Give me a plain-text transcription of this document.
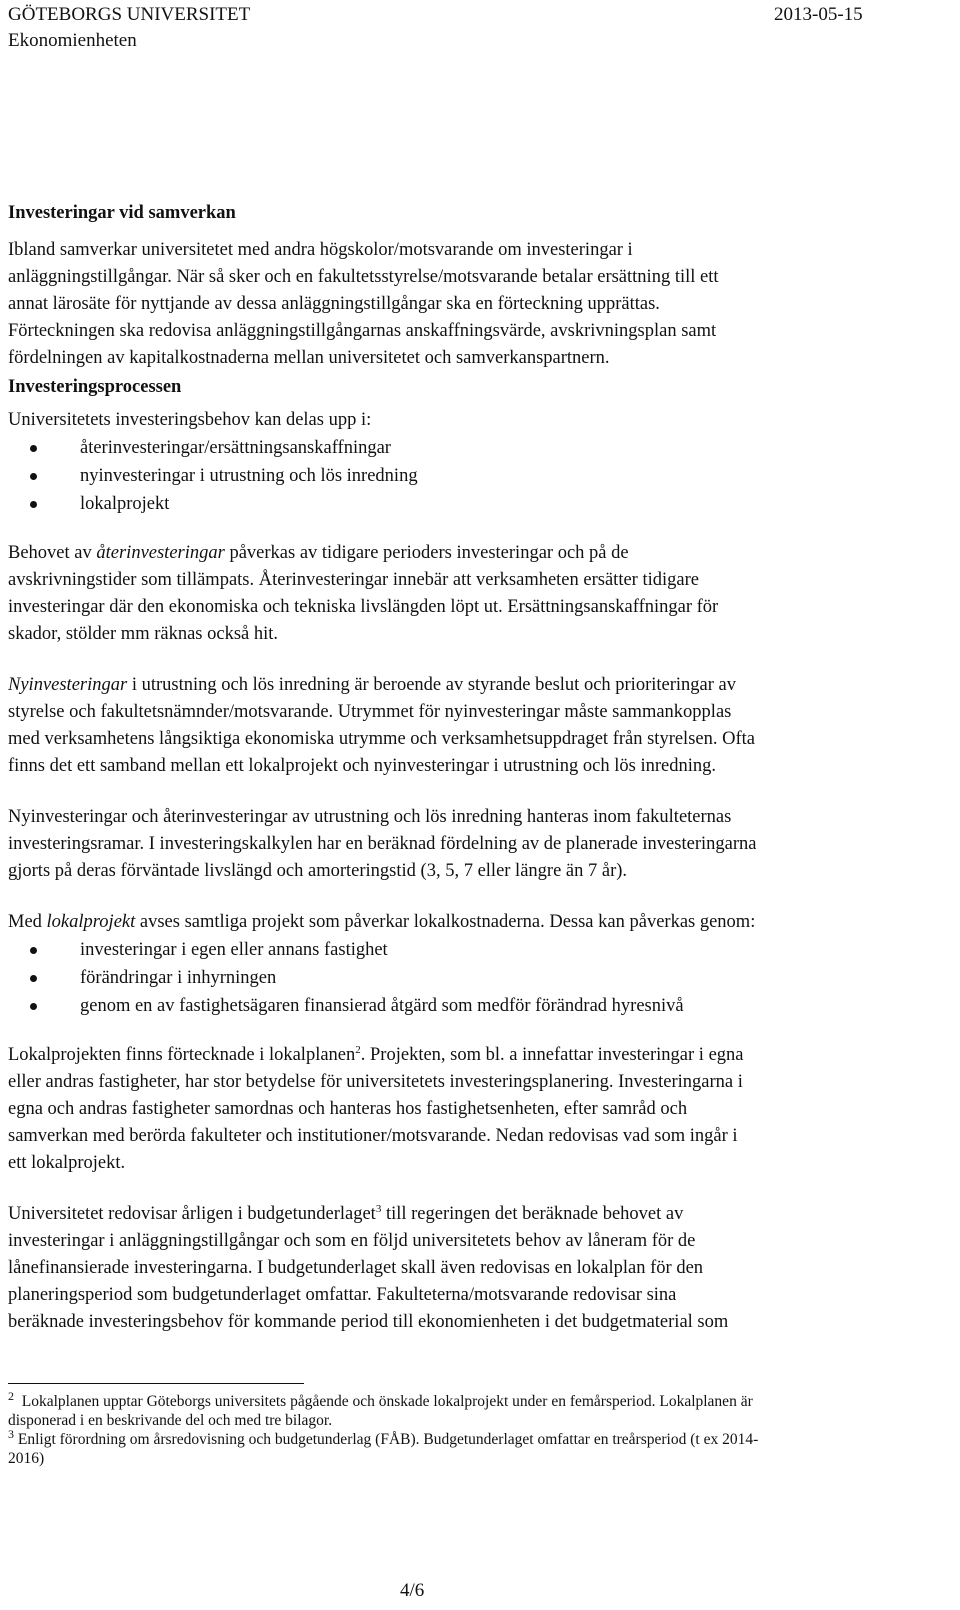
GÖTEBORGS UNIVERSITET
Ekonomienheten
2013-05-15
Investeringar vid samverkan
Ibland samverkar universitetet med andra högskolor/motsvarande om investeringar i
anläggningstillgångar. När så sker och en fakultetsstyrelse/motsvarande betalar ersättning till ett
annat lärosäte för nyttjande av dessa anläggningstillgångar ska en förteckning upprättas.
Förteckningen ska redovisa anläggningstillgångarnas anskaffningsvärde, avskrivningsplan samt
fördelningen av kapitalkostnaderna mellan universitetet och samverkanspartnern.
Investeringsprocessen
Universitetets investeringsbehov kan delas upp i:
återinvesteringar/ersättningsanskaffningar
nyinvesteringar i utrustning och lös inredning
lokalprojekt
Behovet av återinvesteringar påverkas av tidigare perioders investeringar och på de
avskrivningstider som tillämpats. Återinvesteringar innebär att verksamheten ersätter tidigare
investeringar där den ekonomiska och tekniska livslängden löpt ut. Ersättningsanskaffningar för
skador, stölder mm räknas också hit.
Nyinvesteringar i utrustning och lös inredning är beroende av styrande beslut och prioriteringar av
styrelse och fakultetsnämnder/motsvarande. Utrymmet för nyinvesteringar måste sammankopplas
med verksamhetens långsiktiga ekonomiska utrymme och verksamhetsuppdraget från styrelsen. Ofta
finns det ett samband mellan ett lokalprojekt och nyinvesteringar i utrustning och lös inredning.
Nyinvesteringar och återinvesteringar av utrustning och lös inredning hanteras inom fakulteternas
investeringsramar. I investeringskalkylen har en beräknad fördelning av de planerade investeringarna
gjorts på deras förväntade livslängd och amorteringstid (3, 5, 7 eller längre än 7 år).
Med lokalprojekt avses samtliga projekt som påverkar lokalkostnaderna. Dessa kan påverkas genom:
investeringar i egen eller annans fastighet
förändringar i inhyrningen
genom en av fastighetsägaren finansierad åtgärd som medför förändrad hyresnivå
Lokalprojekten finns förtecknade i lokalplanen$^2$. Projekten, som bl. a innefattar investeringar i egna
eller andras fastigheter, har stor betydelse för universitetets investeringsplanering. Investeringarna i
egna och andras fastigheter samordnas och hanteras hos fastighetsenheten, efter samråd och
samverkan med berörda fakulteter och institutioner/motsvarande. Nedan redovisas vad som ingår i
ett lokalprojekt.
Universitetet redovisar årligen i budgetunderlaget$^3$ till regeringen det beräknade behovet av
investeringar i anläggningstillgångar och som en följd universitetets behov av låneram för de
lånefinansierade investeringarna. I budgetunderlaget skall även redovisas en lokalplan för den
planeringsperiod som budgetunderlaget omfattar. Fakulteterna/motsvarande redovisar sina
beräknade investeringsbehov för kommande period till ekonomienheten i det budgetmaterial som
$^2$ Lokalplanen upptar Göteborgs universitets pågående och önskade lokalprojekt under en femårsperiod. Lokalplanen är
disponerad i en beskrivande del och med tre bilagor.
$^3$ Enligt förordning om årsredovisning och budgetunderlag (FÅB). Budgetunderlaget omfattar en treårsperiod (t ex 2014-
2016)
4/6
